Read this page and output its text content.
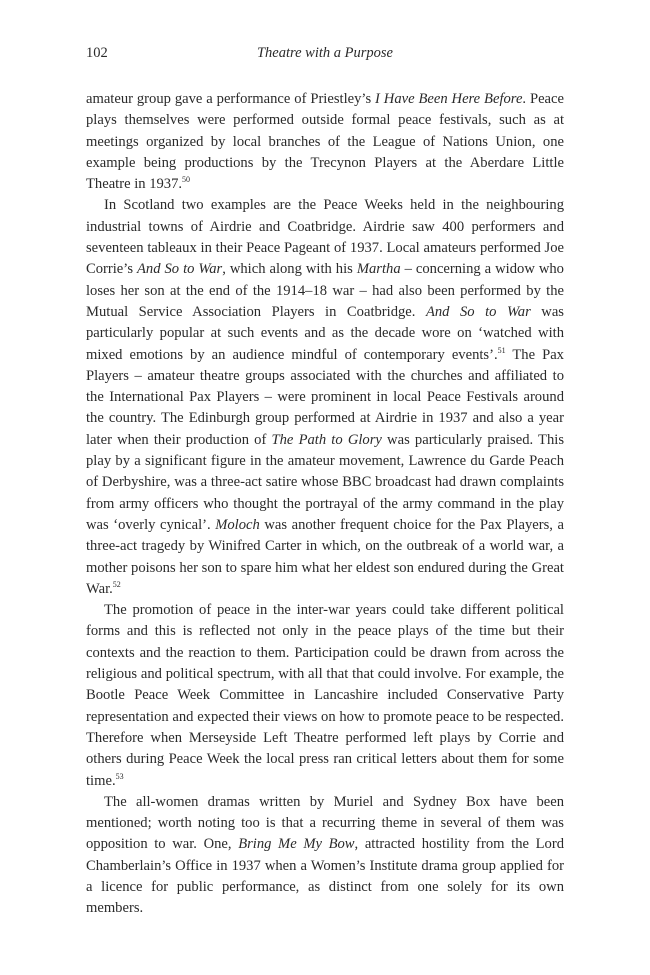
102	Theatre with a Purpose

amateur group gave a performance of Priestley’s I Have Been Here Before. Peace plays themselves were performed outside formal peace festivals, such as at meetings organized by local branches of the League of Nations Union, one example being productions by the Trecynon Players at the Aberdare Little Theatre in 1937.50

In Scotland two examples are the Peace Weeks held in the neighbouring industrial towns of Airdrie and Coatbridge. Airdrie saw 400 performers and seventeen tableaux in their Peace Pageant of 1937. Local amateurs performed Joe Corrie’s And So to War, which along with his Martha – concerning a widow who loses her son at the end of the 1914–18 war – had also been performed by the Mutual Service Association Players in Coatbridge. And So to War was particularly popular at such events and as the decade wore on ‘watched with mixed emotions by an audience mindful of contemporary events’.$^{51}$ The Pax Players – amateur theatre groups associated with the churches and affiliated to the International Pax Players – were prominent in local Peace Festivals around the country. The Edinburgh group performed at Airdrie in 1937 and also a year later when their production of The Path to Glory was particularly praised. This play by a significant figure in the amateur movement, Lawrence du Garde Peach of Derbyshire, was a three-act satire whose BBC broadcast had drawn complaints from army officers who thought the portrayal of the army command in the play was ‘overly cynical’. Moloch was another frequent choice for the Pax Players, a three-act tragedy by Winifred Carter in which, on the outbreak of a world war, a mother poisons her son to spare him what her eldest son endured during the Great War.$^{52}$

The promotion of peace in the inter-war years could take different political forms and this is reflected not only in the peace plays of the time but their contexts and the reaction to them. Participation could be drawn from across the religious and political spectrum, with all that that could involve. For example, the Bootle Peace Week Committee in Lancashire included Conservative Party representation and expected their views on how to promote peace to be respected. Therefore when Merseyside Left Theatre performed left plays by Corrie and others during Peace Week the local press ran critical letters about them for some time.$^{53}$

The all-women dramas written by Muriel and Sydney Box have been mentioned; worth noting too is that a recurring theme in several of them was opposition to war. One, Bring Me My Bow, attracted hostility from the Lord Chamberlain’s Office in 1937 when a Women’s Institute drama group applied for a licence for public performance, as distinct from one solely for its own members.
